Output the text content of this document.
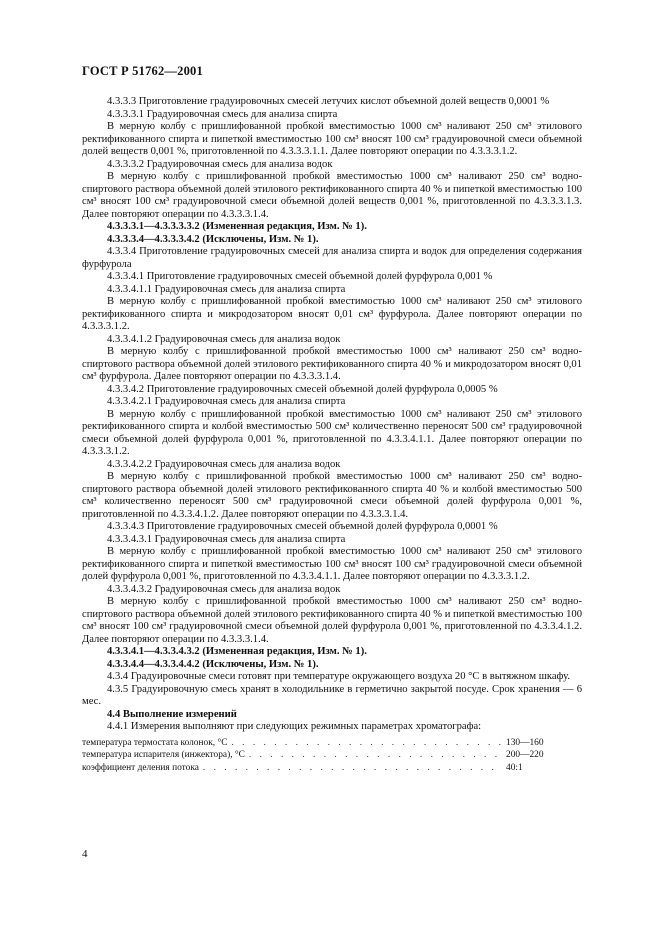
ГОСТ Р 51762—2001

4.3.3.3 Приготовление градуировочных смесей летучих кислот объемной долей веществ 0,0001 %

4.3.3.3.1 Градуировочная смесь для анализа спирта

В мерную колбу с пришлифованной пробкой вместимостью 1000 см³ наливают 250 см³ этилового ректификованного спирта и пипеткой вместимостью 100 см³ вносят 100 см³ градуировочной смеси объемной долей веществ 0,001 %, приготовленной по 4.3.3.3.1.1. Далее повторяют операции по 4.3.3.3.1.2.

4.3.3.3.2 Градуировочная смесь для анализа водок

В мерную колбу с пришлифованной пробкой вместимостью 1000 см³ наливают 250 см³ водно-спиртового раствора объемной долей этилового ректификованного спирта 40 % и пипеткой вместимостью 100 см³ вносят 100 см³ градуировочной смеси объемной долей веществ 0,001 %, приготовленной по 4.3.3.3.1.3. Далее повторяют операции по 4.3.3.3.1.4.

4.3.3.3.1—4.3.3.3.3.2 (Измененная редакция, Изм. № 1).

4.3.3.3.4—4.3.3.3.4.2 (Исключены, Изм. № 1).

4.3.3.4 Приготовление градуировочных смесей для анализа спирта и водок для определения содержания фурфурола

4.3.3.4.1 Приготовление градуировочных смесей объемной долей фурфурола 0,001 %

4.3.3.4.1.1 Градуировочная смесь для анализа спирта

В мерную колбу с пришлифованной пробкой вместимостью 1000 см³ наливают 250 см³ этилового ректификованного спирта и микродозатором вносят 0,01 см³ фурфурола. Далее повторяют операции по 4.3.3.3.1.2.

4.3.3.4.1.2 Градуировочная смесь для анализа водок

В мерную колбу с пришлифованной пробкой вместимостью 1000 см³ наливают 250 см³ водно-спиртового раствора объемной долей этилового ректификованного спирта 40 % и микродозатором вносят 0,01 см³ фурфурола. Далее повторяют операции по 4.3.3.3.1.4.

4.3.3.4.2 Приготовление градуировочных смесей объемной долей фурфурола 0,0005 %

4.3.3.4.2.1 Градуировочная смесь для анализа спирта

В мерную колбу с пришлифованной пробкой вместимостью 1000 см³ наливают 250 см³ этилового ректификованного спирта и колбой вместимостью 500 см³ количественно переносят 500 см³ градуировочной смеси объемной долей фурфурола 0,001 %, приготовленной по 4.3.3.4.1.1. Далее повторяют операции по 4.3.3.3.1.2.

4.3.3.4.2.2 Градуировочная смесь для анализа водок

В мерную колбу с пришлифованной пробкой вместимостью 1000 см³ наливают 250 см³ водно-спиртового раствора объемной долей этилового ректификованного спирта 40 % и колбой вместимостью 500 см³ количественно переносят 500 см³ градуировочной смеси объемной долей фурфурола 0,001 %, приготовленной по 4.3.3.4.1.2. Далее повторяют операции по 4.3.3.3.1.4.

4.3.3.4.3 Приготовление градуировочных смесей объемной долей фурфурола 0,0001 %

4.3.3.4.3.1 Градуировочная смесь для анализа спирта

В мерную колбу с пришлифованной пробкой вместимостью 1000 см³ наливают 250 см³ этилового ректификованного спирта и пипеткой вместимостью 100 см³ вносят 100 см³ градуировочной смеси объемной долей фурфурола 0,001 %, приготовленной по 4.3.3.4.1.1. Далее повторяют операции по 4.3.3.3.1.2.

4.3.3.4.3.2 Градуировочная смесь для анализа водок

В мерную колбу с пришлифованной пробкой вместимостью 1000 см³ наливают 250 см³ водно-спиртового раствора объемной долей этилового ректификованного спирта 40 % и пипеткой вместимостью 100 см³ вносят 100 см³ градуировочной смеси объемной долей фурфурола 0,001 %, приготовленной по 4.3.3.4.1.2. Далее повторяют операции по 4.3.3.3.1.4.

4.3.3.4.1—4.3.3.4.3.2 (Измененная редакция, Изм. № 1).

4.3.3.4.4—4.3.3.4.4.2 (Исключены, Изм. № 1).

4.3.4 Градуировочные смеси готовят при температуре окружающего воздуха 20 °С в вытяжном шкафу.

4.3.5 Градуировочную смесь хранят в холодильнике в герметично закрытой посуде. Срок хранения — 6 мес.

4.4 Выполнение измерений

4.4.1 Измерения выполняют при следующих режимных параметрах хроматографа:

температура термостата колонок, °С . . .	130—160
температура испарителя (инжектора), °С . . .	200—220
коэффициент деления потока . . .	40:1
4
